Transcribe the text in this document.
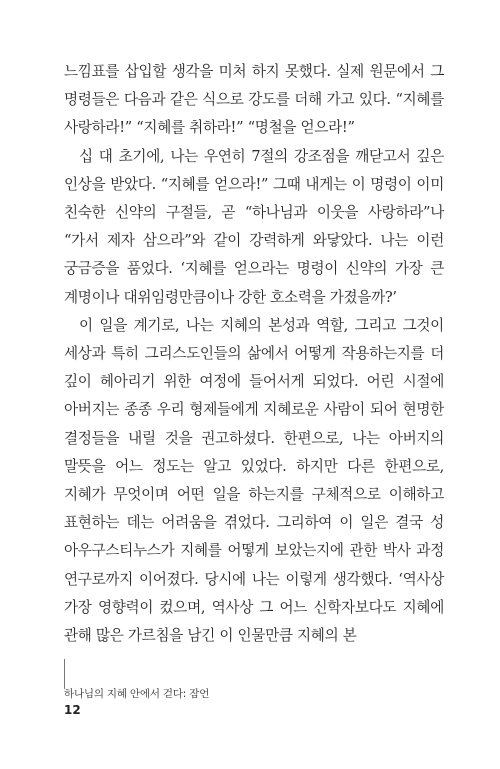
느낌표를 삽입할 생각을 미처 하지 못했다. 실제 원문에서 그 명령들은 다음과 같은 식으로 강도를 더해 가고 있다. “지혜를 사랑하라!” “지혜를 취하라!” “명철을 얻으라!”

십 대 초기에, 나는 우연히 7절의 강조점을 깨닫고서 깊은 인상을 받았다. “지혜를 얻으라!” 그때 내게는 이 명령이 이미 친숙한 신약의 구절들, 곧 “하나님과 이웃을 사랑하라”나 “가서 제자 삼으라”와 같이 강력하게 와닿았다. 나는 이런 궁금증을 품었다. ‘지혜를 얻으라는 명령이 신약의 가장 큰 계명이나 대위임령만큼이나 강한 호소력을 가졌을까?’

이 일을 계기로, 나는 지혜의 본성과 역할, 그리고 그것이 세상과 특히 그리스도인들의 삶에서 어떻게 작용하는지를 더 깊이 헤아리기 위한 여정에 들어서게 되었다. 어린 시절에 아버지는 종종 우리 형제들에게 지혜로운 사람이 되어 현명한 결정들을 내릴 것을 권고하셨다. 한편으로, 나는 아버지의 말뜻을 어느 정도는 알고 있었다. 하지만 다른 한편으로, 지혜가 무엇이며 어떤 일을 하는지를 구체적으로 이해하고 표현하는 데는 어려움을 겪었다. 그리하여 이 일은 결국 성 아우구스티누스가 지혜를 어떻게 보았는지에 관한 박사 과정 연구로까지 이어졌다. 당시에 나는 이렇게 생각했다. ‘역사상 가장 영향력이 컸으며, 역사상 그 어느 신학자보다도 지혜에 관해 많은 가르침을 남긴 이 인물만큼 지혜의 본

하나님의 지혜 안에서 걷다: 잠언
12
